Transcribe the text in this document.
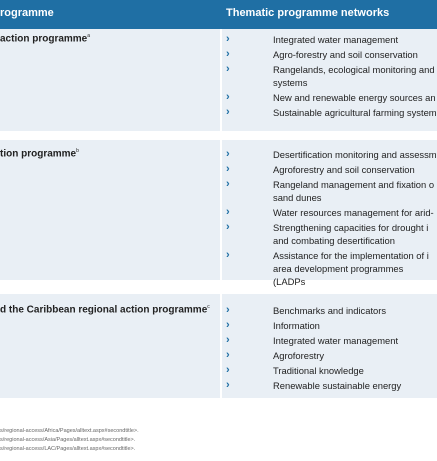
rogramme	Thematic programme networks
action programme$^a$	›	Integrated water management
›	Agro-forestry and soil conservation
›	Rangelands, ecological monitoring and systems
›	New and renewable energy sources an
›	Sustainable agricultural farming system
tion programme$^b$	›	Desertification monitoring and assessm
›	Agroforestry and soil conservation
›	Rangeland management and fixation o sand dunes
›	Water resources management for arid-
›	Strengthening capacities for drought i and combating desertification
›	Assistance for the implementation of i area development programmes (LADPs
d the Caribbean regional action programme$^c$ ›	Benchmarks and indicators
›	Information
›	Integrated water management
›	Agroforestry
›	Traditional knowledge
›	Renewable sustainable energy
s/regional-access/Africa/Pages/alltext.aspx#secondtitle>.
s/regional-access/Asia/Pages/alltext.aspx#secondtitle>.
s/regional-access/LAC/Pages/alltext.aspx#secondtitle>.
